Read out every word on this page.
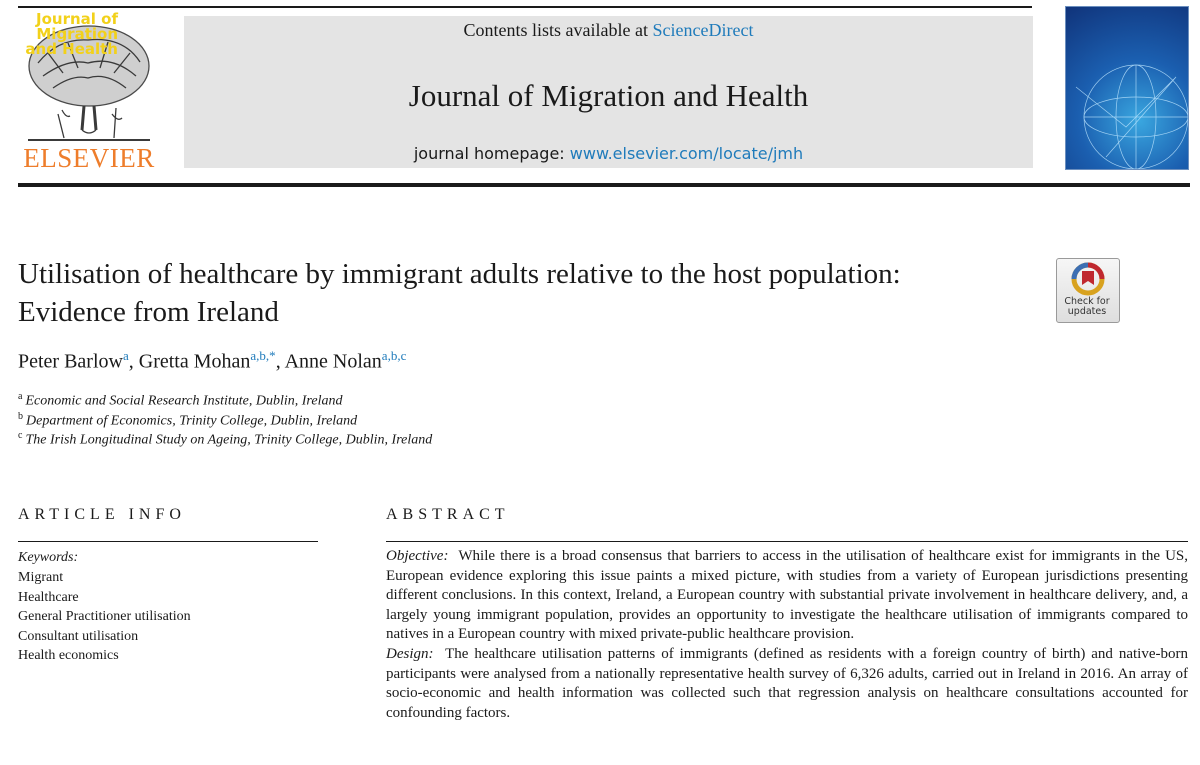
ELSEVIER
Contents lists available at ScienceDirect
Journal of Migration and Health
journal homepage: www.elsevier.com/locate/jmh
Journal of Migration and Health
Utilisation of healthcare by immigrant adults relative to the host population: Evidence from Ireland	Check for
updates
Peter Barlow$^a$, Gretta Mohan$^{a,b,*}$, Anne Nolan$^{a,b,c}$
$^a$ Economic and Social Research Institute, Dublin, Ireland
$^b$ Department of Economics, Trinity College, Dublin, Ireland
$^c$ The Irish Longitudinal Study on Ageing, Trinity College, Dublin, Ireland
ARTICLE INFO
Keywords:
Migrant
Healthcare
General Practitioner utilisation
Consultant utilisation
Health economics
ABSTRACT

Objective: While there is a broad consensus that barriers to access in the utilisation of healthcare exist for immigrants in the US, European evidence exploring this issue paints a mixed picture, with studies from a variety of European jurisdictions presenting different conclusions. In this context, Ireland, a European country with substantial private involvement in healthcare delivery, and, a largely young immigrant population, provides an opportunity to investigate the healthcare utilisation of immigrants compared to natives in a European country with mixed private-public healthcare provision.

Design: The healthcare utilisation patterns of immigrants (defined as residents with a foreign country of birth) and native-born participants were analysed from a nationally representative health survey of 6,326 adults, carried out in Ireland in 2016. An array of socio-economic and health information was collected such that regression analysis on healthcare consultations accounted for confounding factors.
